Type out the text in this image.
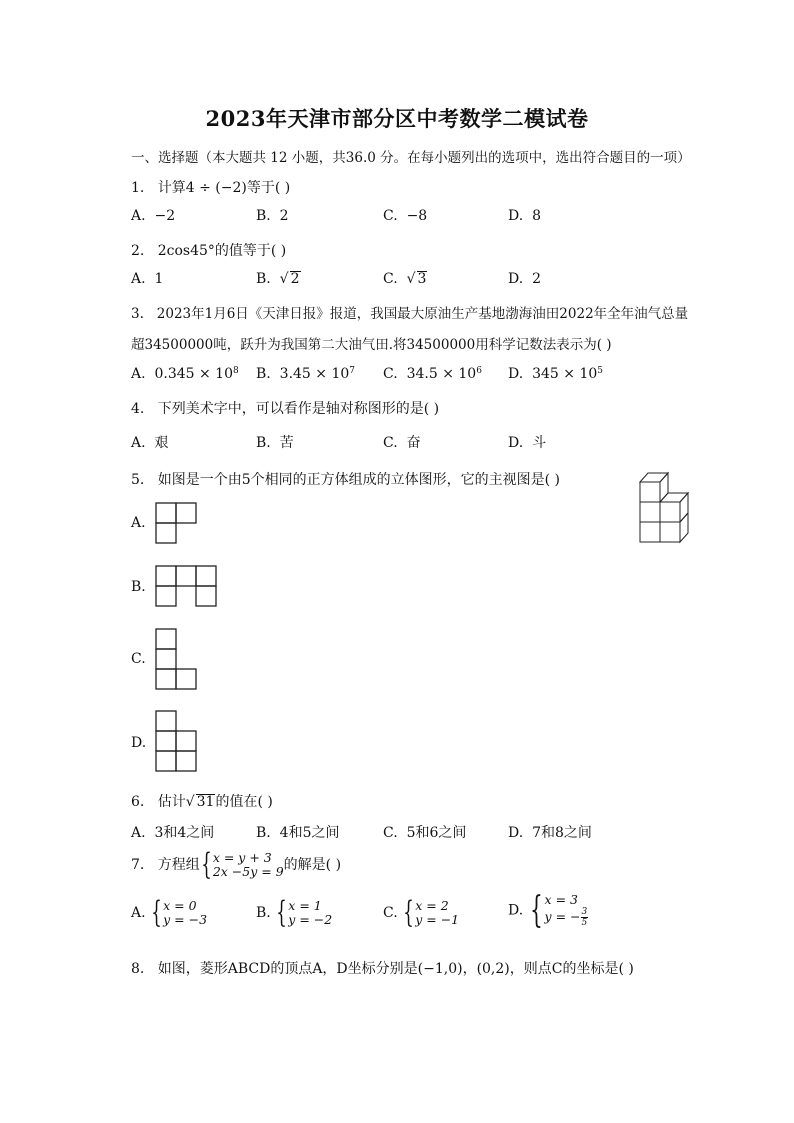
2023年天津市部分区中考数学二模试卷
一、选择题（本大题共 12 小题，共36.0 分。在每小题列出的选项中，选出符合题目的一项）
1. 计算4 ÷ (−2)等于( )
A. −2	B. 2	C. −8	D. 8
2. 2cos45°的值等于( )
A. 1	B. √ 2	C. √ 3	D. 2
3. 2023年1月6日《天津日报》报道，我国最大原油生产基地渤海油田2022年全年油气总量
超34500000吨，跃升为我国第二大油气田.将34500000用科学记数法表示为( )
A. $0.345 \times 10^8$ B. $3.45 \times 10^7$ C. $34.5 \times 10^6$ D. $345 \times 10^5$
4. 下列美术字中，可以看作是轴对称图形的是( )
A. 艰	B. 苦	C. 奋	D. 斗
5. 如图是一个由5个相同的正方体组成的立体图形，它的主视图是( )
A.
B.
C.
D.
6. 估计√ 31的值在( )
A. 3和4之间	B. 4和5之间	C. 5和6之间	D. 7和8之间
7. 方程组{x = y + 3
2x −5y = 9的解是( )
A. {x = 0
y = −3	B. {x = 1
y = −2	C. {x = 2
y = −1
D. { x = 3
y = − $\frac{3}{5}$
8. 如图，菱形ABCD的顶点A，D坐标分别是(−1,0)，(0,2)，则点C的坐标是( )
